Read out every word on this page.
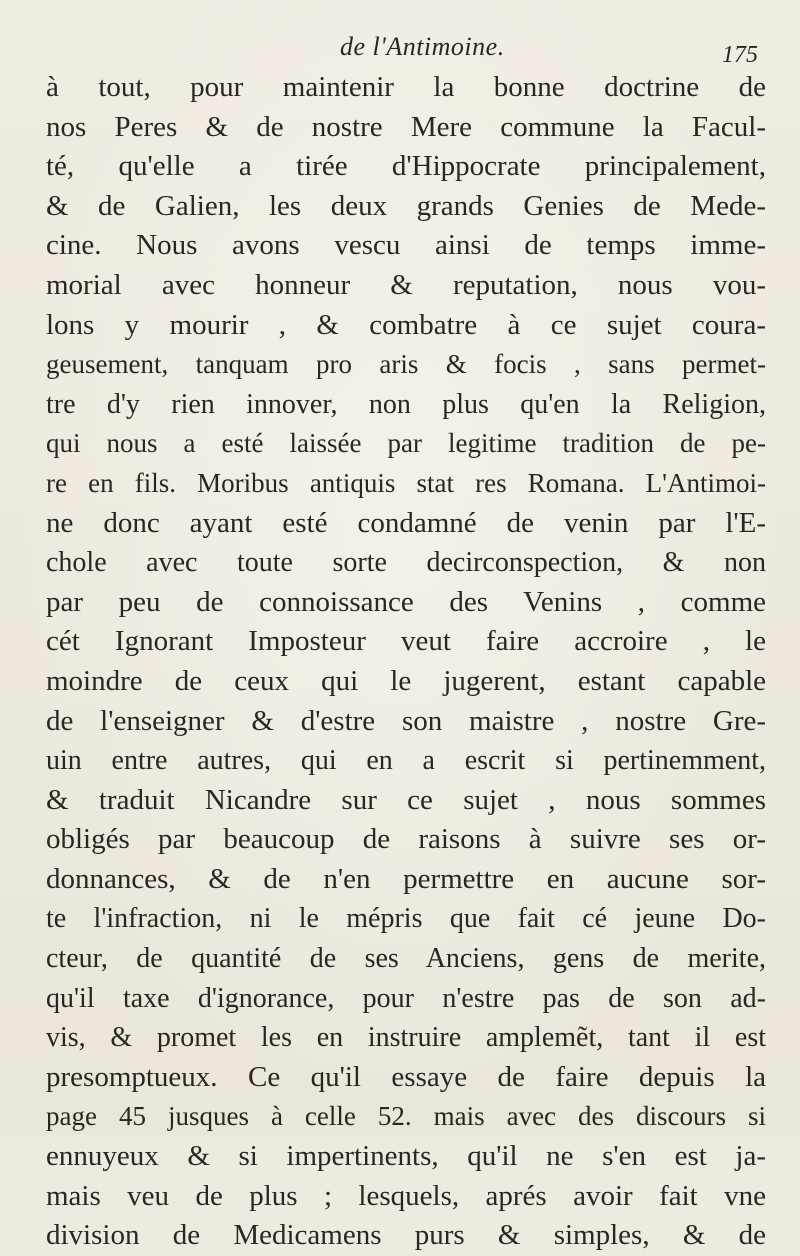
de l'Antimoine.	175
à tout, pour maintenir la bonne doctrine de
nos Peres & de nostre Mere commune la Facul-
té, qu'elle a tirée d'Hippocrate principalement,
& de Galien, les deux grands Genies de Mede-
cine. Nous avons vescu ainsi de temps imme-
morial avec honneur & reputation, nous vou-
lons y mourir , & combatre à ce sujet coura-
geusement, tanquam pro aris & focis , sans permet-
tre d'y rien innover, non plus qu'en la Religion,
qui nous a esté laissée par legitime tradition de pe-
re en fils. Moribus antiquis stat res Romana. L'Antimoi-
ne donc ayant esté condamné de venin par l'E-
chole avec toute sorte decirconspection, & non
par peu de connoissance des Venins , comme
cét Ignorant Imposteur veut faire accroire , le
moindre de ceux qui le jugerent, estant capable
de l'enseigner & d'estre son maistre , nostre Gre-
uin entre autres, qui en a escrit si pertinemment,
& traduit Nicandre sur ce sujet , nous sommes
obligés par beaucoup de raisons à suivre ses or-
donnances, & de n'en permettre en aucune sor-
te l'infraction, ni le mépris que fait cé jeune Do-
cteur, de quantité de ses Anciens, gens de merite,
qu'il taxe d'ignorance, pour n'estre pas de son ad-
vis, & promet les en instruire amplemẽt, tant il est
presomptueux. Ce qu'il essaye de faire depuis la
page 45 jusques à celle 52. mais avec des discours si
ennuyeux & si impertinents, qu'il ne s'en est ja-
mais veu de plus ; lesquels, aprés avoir fait vne
division de Medicamens purs & simples, & de
